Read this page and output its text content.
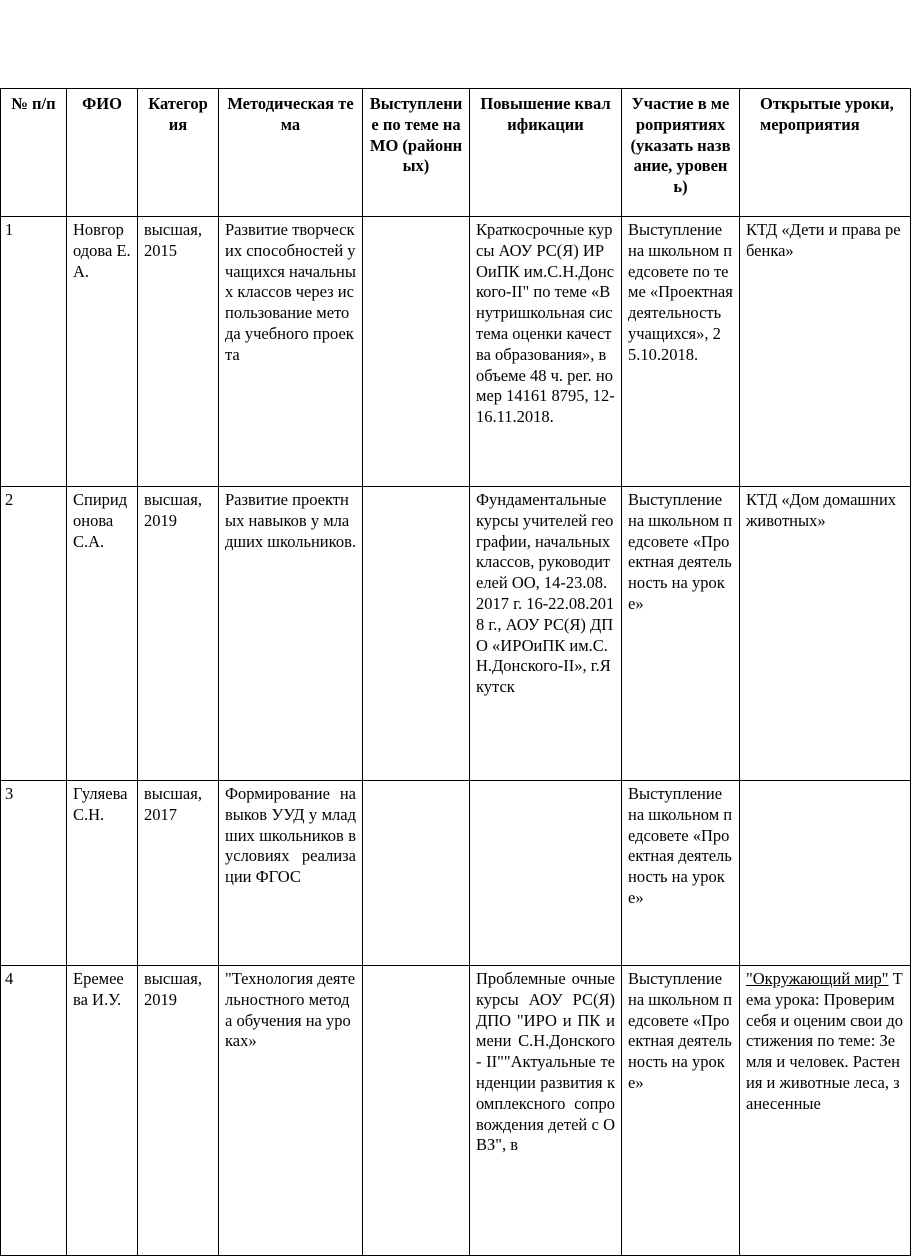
№ п/п	ФИО	Категория	Методическая тема	Выступление по теме на МО (районных)	Повышение квалификации	Участие в мероприятиях (указать название, уровень)	Открытые уроки, мероприятия
1	Новгородова Е.А.	высшая, 2015	Развитие творческих способностей учащихся начальных классов через использование метода учебного проекта		Краткосрочные курсы АОУ РС(Я) ИРОиПК им.С.Н.Донского-II" по теме «Внутришкольная система оценки качества образования», в объеме 48 ч. рег. номер 14161 8795, 12-16.11.2018.	Выступление на школьном педсовете по теме «Проектная деятельность учащихся», 25.10.2018.	КТД «Дети и права ребенка»
2	Спиридонова С.А.	высшая, 2019	Развитие проектных навыков у младших школьников.		Фундаментальные курсы учителей географии, начальных классов, руководителей ОО, 14-23.08.2017 г. 16-22.08.2018 г., АОУ РС(Я) ДПО «ИРОиПК им.С.Н.Донского-II», г.Якутск	Выступление на школьном педсовете «Проектная деятельность на уроке»	КТД «Дом домашних животных»
3	Гуляева С.Н.	высшая, 2017	Формирование навыков УУД у младших школьников в условиях реализации ФГОС			Выступление на школьном педсовете «Проектная деятельность на уроке»	
4	Еремеева И.У.	высшая, 2019	"Технология деятельностного метода обучения на уроках»		Проблемные очные курсы АОУ РС(Я) ДПО "ИРО и ПК имени С.Н.Донского - II""Актуальные тенденции развития комплексного сопровождения детей с ОВЗ", в	Выступление на школьном педсовете «Проектная деятельность на уроке»	"Окружающий мир" Тема урока: Проверим себя и оценим свои достижения по теме: Земля и человек. Растения и животные леса, занесенные
